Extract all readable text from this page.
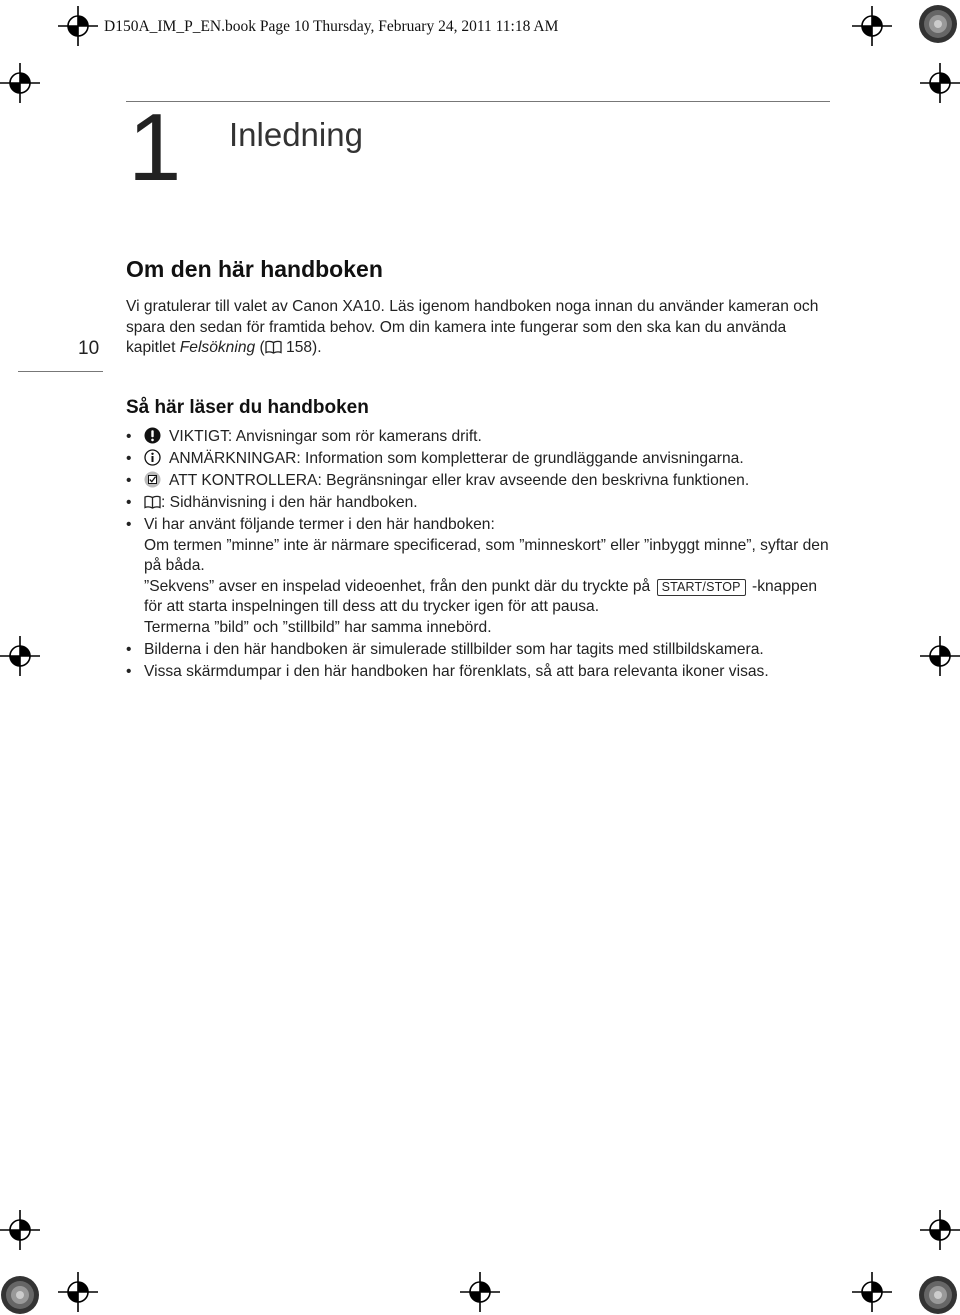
D150A_IM_P_EN.book Page 10 Thursday, February 24, 2011 11:18 AM
1 Inledning
10
Om den här handboken
Vi gratulerar till valet av Canon XA10. Läs igenom handboken noga innan du använder kameran och spara den sedan för framtida behov. Om din kamera inte fungerar som den ska kan du använda kapitlet Felsökning (
158).
Så här läser du handboken
• VIKTIGT: Anvisningar som rör kamerans drift.
• ANMÄRKNINGAR: Information som kompletterar de grundläggande anvisningarna.
• ATT KONTROLLERA: Begränsningar eller krav avseende den beskrivna funktionen.
• : Sidhänvisning i den här handboken.
• Vi har använt följande termer i den här handboken:
Om termen ”minne” inte är närmare specificerad, som ”minneskort” eller ”inbyggt minne”, syftar den på båda.
”Sekvens” avser en inspelad videoenhet, från den punkt där du tryckte på START/STOP -knappen för att starta inspelningen till dess att du trycker igen för att pausa.
Termerna ”bild” och ”stillbild” har samma innebörd.
• Bilderna i den här handboken är simulerade stillbilder som har tagits med stillbildskamera.
• Vissa skärmdumpar i den här handboken har förenklats, så att bara relevanta ikoner visas.
